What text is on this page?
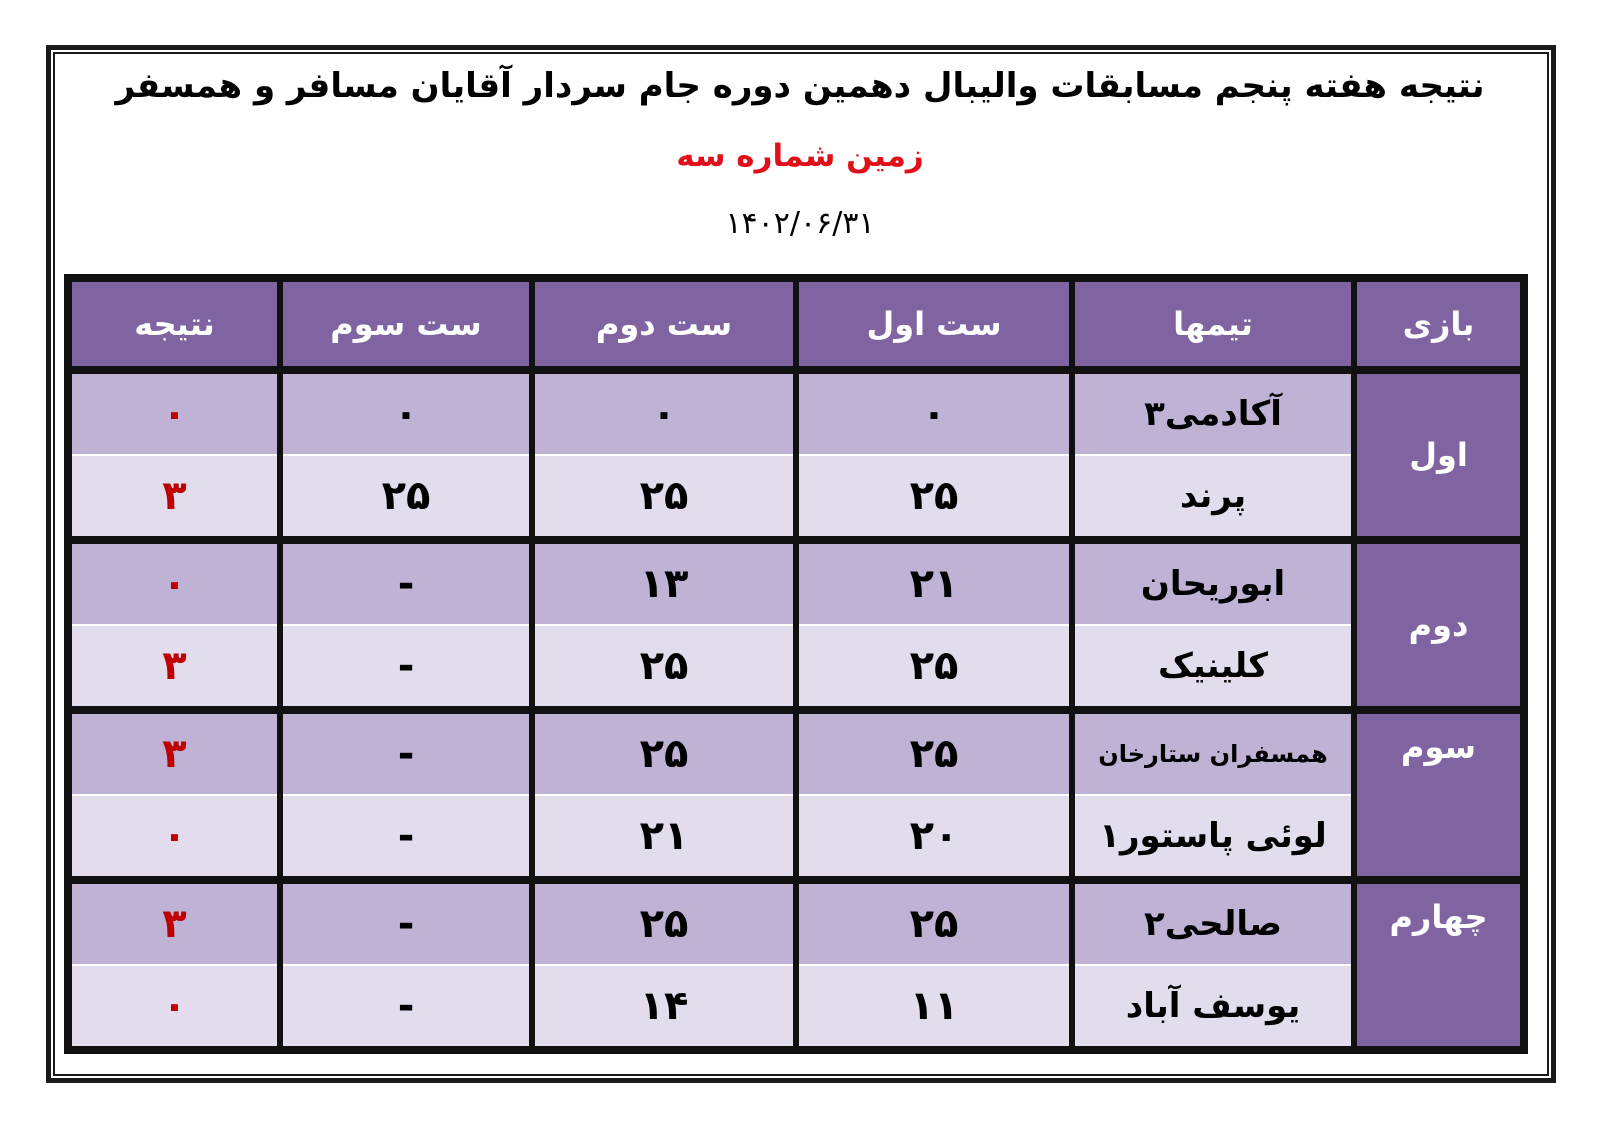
نتیجه هفته پنجم مسابقات والیبال دهمین دوره جام سردار آقایان مسافر و همسفر
زمین شماره سه
۱۴۰۲/۰۶/۳۱
بازی	تیمها	ست اول	ست دوم	ست سوم	نتیجه
اول	آکادمی۳	۰	۰	۰	۰
	پرند	۲۵	۲۵	۲۵	۳
دوم	ابوریحان	۲۱	۱۳	-	۰
	کلینیک	۲۵	۲۵	-	۳
سوم	همسفران ستارخان	۲۵	۲۵	-	۳
	لوئی پاستور۱	۲۰	۲۱	-	۰
چهارم	صالحی۲	۲۵	۲۵	-	۳
	یوسف آباد	۱۱	۱۴	-	۰
